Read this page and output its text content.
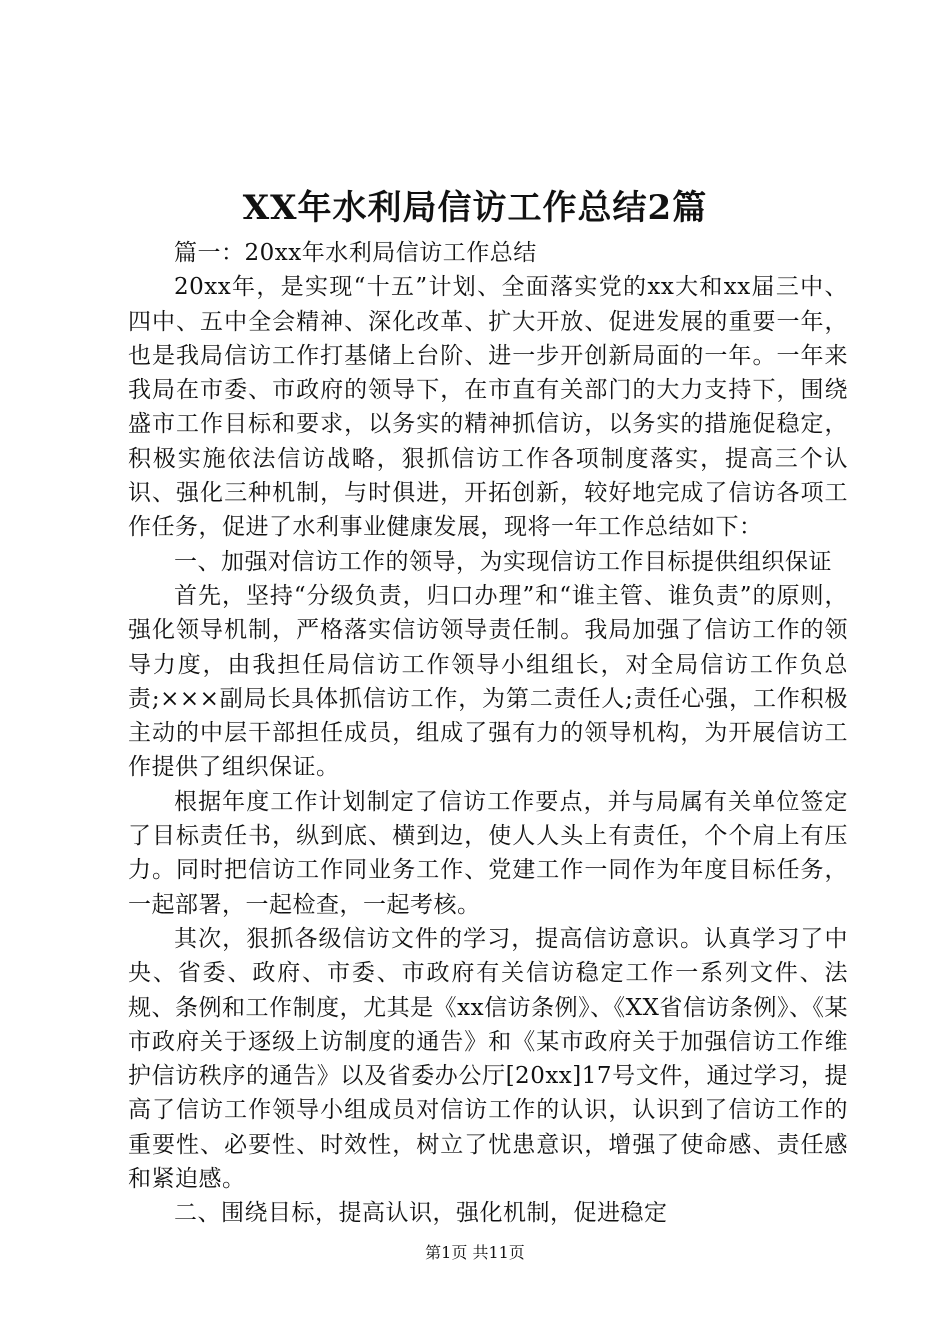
XX年水利局信访工作总结2篇

篇一：20xx年水利局信访工作总结

20xx年，是实现“十五”计划、全面落实党的xx大和xx届三中、四中、五中全会精神、深化改革、扩大开放、促进发展的重要一年，也是我局信访工作打基储上台阶、进一步开创新局面的一年。一年来我局在市委、市政府的领导下，在市直有关部门的大力支持下，围绕盛市工作目标和要求，以务实的精神抓信访，以务实的措施促稳定，积极实施依法信访战略，狠抓信访工作各项制度落实，提高三个认识、强化三种机制，与时俱进，开拓创新，较好地完成了信访各项工作任务，促进了水利事业健康发展，现将一年工作总结如下：

一、加强对信访工作的领导，为实现信访工作目标提供组织保证

首先，坚持“分级负责，归口办理”和“谁主管、谁负责”的原则，强化领导机制，严格落实信访领导责任制。我局加强了信访工作的领导力度，由我担任局信访工作领导小组组长，对全局信访工作负总责;×××副局长具体抓信访工作，为第二责任人;责任心强，工作积极主动的中层干部担任成员，组成了强有力的领导机构，为开展信访工作提供了组织保证。

根据年度工作计划制定了信访工作要点，并与局属有关单位签定了目标责任书，纵到底、横到边，使人人头上有责任，个个肩上有压力。同时把信访工作同业务工作、党建工作一同作为年度目标任务，一起部署，一起检查，一起考核。

其次，狠抓各级信访文件的学习，提高信访意识。认真学习了中央、省委、政府、市委、市政府有关信访稳定工作一系列文件、法规、条例和工作制度，尤其是《xx信访条例》、《XX省信访条例》、《某市政府关于逐级上访制度的通告》和《某市政府关于加强信访工作维护信访秩序的通告》以及省委办公厅[20xx]17号文件，通过学习，提高了信访工作领导小组成员对信访工作的认识，认识到了信访工作的重要性、必要性、时效性，树立了忧患意识，增强了使命感、责任感和紧迫感。

二、围绕目标，提高认识，强化机制，促进稳定

第1页 共11页
